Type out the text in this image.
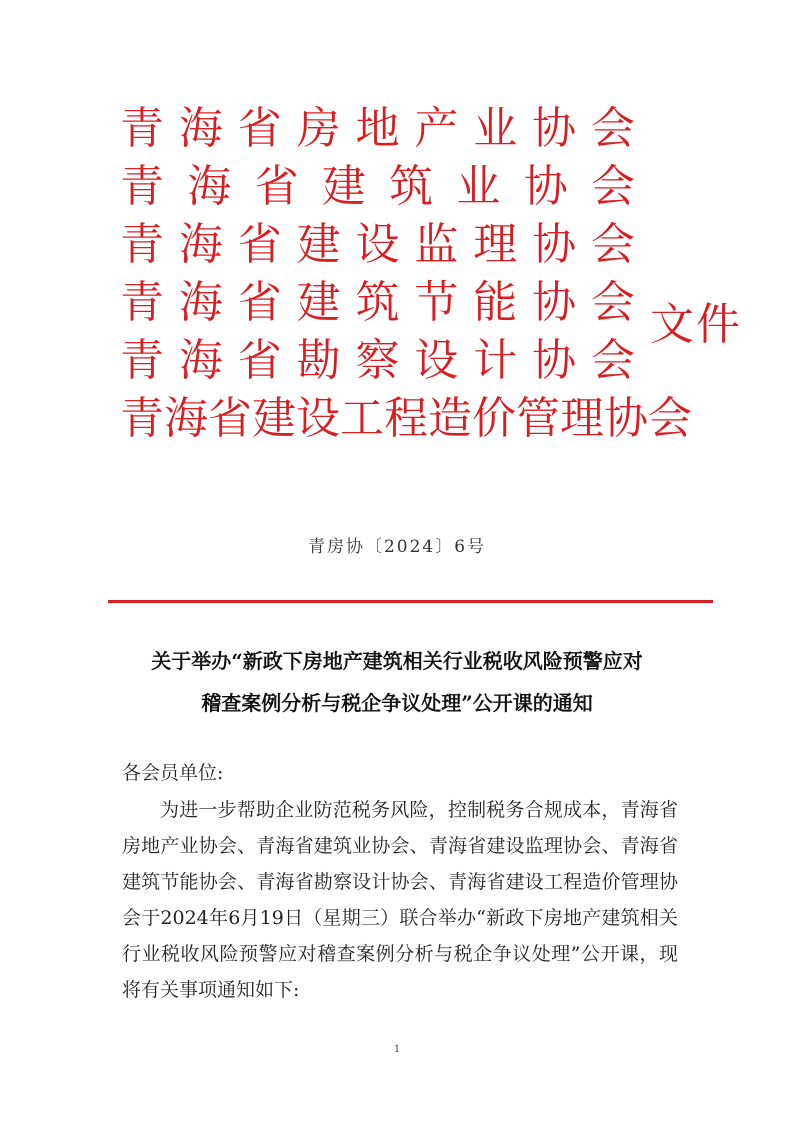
青 海 省 房 地 产 业 协 会
青 海 省 建 筑 业 协 会
青 海 省 建 设 监 理 协 会
青 海 省 建 筑 节 能 协 会
青 海 省 勘 察 设 计 协 会
青 海 省 建 设 工 程 造 价 管 理 协 会
文件
青房协〔2024〕6号
关于举办“新政下房地产建筑相关行业税收风险预警应对
稽查案例分析与税企争议处理”公开课的通知
各会员单位:
为进一步帮助企业防范税务风险，控制税务合规成本，青海省房地产业协会、青海省建筑业协会、青海省建设监理协会、青海省建筑节能协会、青海省勘察设计协会、青海省建设工程造价管理协会于2024年6月19日（星期三）联合举办“新政下房地产建筑相关行业税收风险预警应对稽查案例分析与税企争议处理”公开课，现将有关事项通知如下:
1
